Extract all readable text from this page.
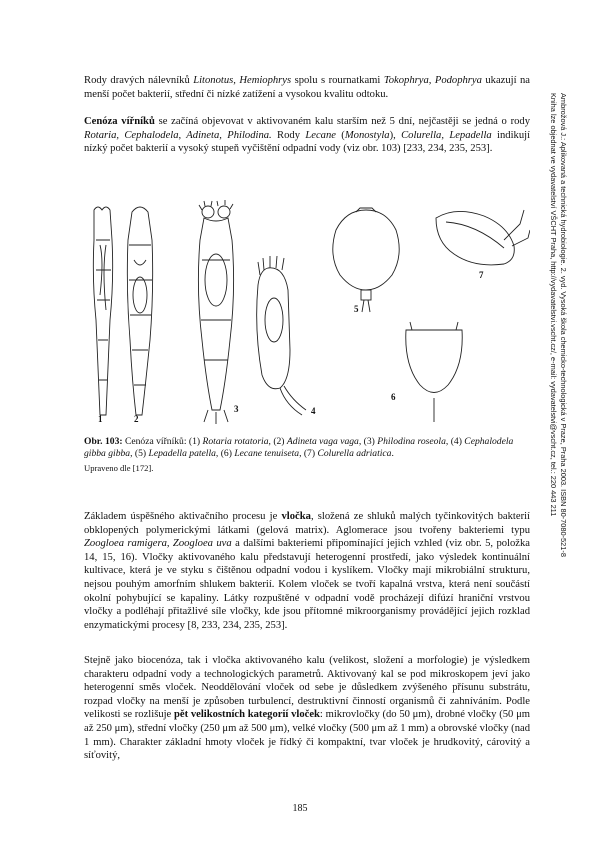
Rody dravých nálevníků Litonotus, Hemiophrys spolu s rournatkami Tokophrya, Podophrya ukazují na menší počet bakterií, střední či nízké zatížení a vysokou kvalitu odtoku.

Cenóza vířníků se začíná objevovat v aktivovaném kalu starším než 5 dní, nejčastěji se jedná o rody Rotaria, Cephalodela, Adineta, Philodina. Rody Lecane (Monostyla), Colurella, Lepadella indikují nízký počet bakterií a vysoký stupeň vyčištění odpadní vody (viz obr. 103) [233, 234, 235, 253].

1	2
3	4
5
6
7

Obr. 103: Cenóza vířníků: (1) Rotaria rotatoria, (2) Adineta vaga vaga, (3) Philodina roseola, (4) Cephalodela gibba gibba, (5) Lepadella patella, (6) Lecane tenuiseta, (7) Colurella adriatica.

Upraveno dle [172].

Základem úspěšného aktivačního procesu je vločka, složená ze shluků malých tyčinkovitých bakterií obklopených polymerickými látkami (gelová matrix). Aglomerace jsou tvořeny bakteriemi typu Zoogloea ramigera, Zoogloea uva a dalšími bakteriemi připomínající jejich vzhled (viz obr. 5, položka 14, 15, 16). Vločky aktivovaného kalu představují heterogenní prostředí, jako výsledek kontinuální kultivace, která je ve styku s čištěnou odpadní vodou i kyslíkem. Vločky mají mikrobiální strukturu, nejsou pouhým amorfním shlukem bakterií. Kolem vloček se tvoří kapalná vrstva, která není součástí okolní pohybující se kapaliny. Látky rozpuštěné v odpadní vodě procházejí difúzí hraniční vrstvou vločky a podléhají přitažlivé síle vločky, kde jsou přítomné mikroorganismy provádějící jejich rozklad enzymatickými procesy [8, 233, 234, 235, 253].

Stejně jako biocenóza, tak i vločka aktivovaného kalu (velikost, složení a morfologie) je výsledkem charakteru odpadní vody a technologických parametrů. Aktivovaný kal se pod mikroskopem jeví jako heterogenní směs vloček. Neoddělování vloček od sebe je důsledkem zvýšeného přísunu substrátu, rozpad vločky na menší je způsoben turbulencí, destruktivní činností organismů či zahníváním. Podle velikosti se rozlišuje pět velikostních kategorií vloček: mikrovločky (do 50 μm), drobné vločky (50 μm až 250 μm), střední vločky (250 μm až 500 μm), velké vločky (500 μm až 1 mm) a obrovské vločky (nad 1 mm). Charakter základní hmoty vloček je řídký či kompaktní, tvar vloček je hrudkovitý, cárovitý a síťovitý,

185
Ambrožová J.: Aplikovaná a technická hydrobiologie. 2. vyd. Vysoká škola chemicko-technologická v Praze, Praha 2003. ISBN 80-7080-521-8
Kniha lze objednat ve vydavatelství VŠCHT Praha, http://vydavatelstvi.vscht.cz/, e-mail: vydavatelstvi@vscht.cz, tel.: 220 443 211
